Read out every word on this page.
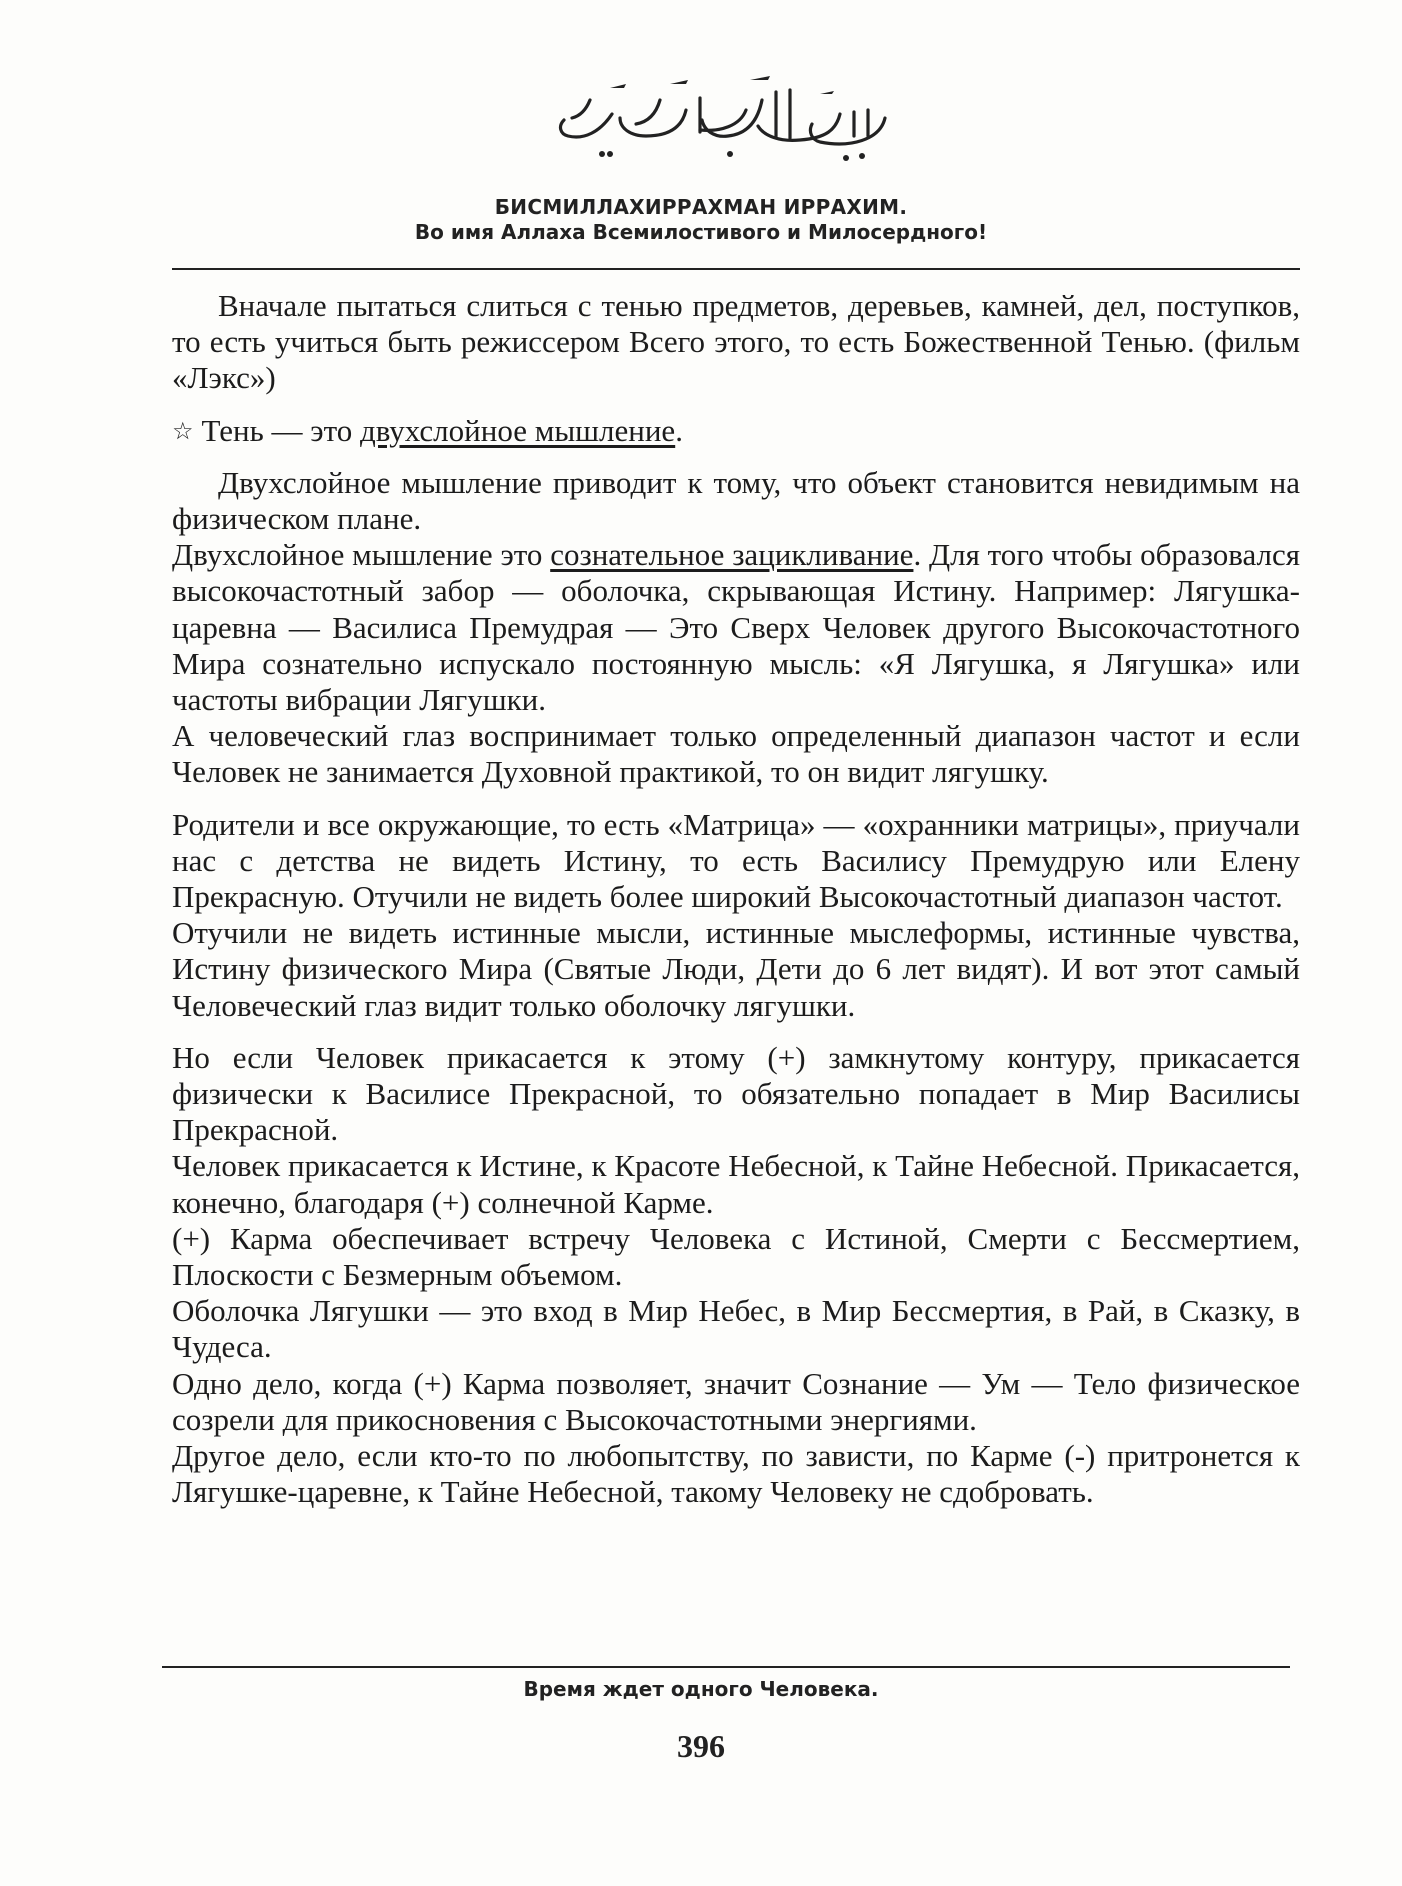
БИСМИЛЛАХИРРАХМАН ИРРАХИМ.
Во имя Аллаха Всемилостивого и Милосердного!

Вначале пытаться слиться с тенью предметов, деревьев, камней, дел, поступков, то есть учиться быть режиссером Всего этого, то есть Божественной Тенью. (фильм «Лэкс»)

☆ Тень — это двухслойное мышление.

Двухслойное мышление приводит к тому, что объект становится невидимым на физическом плане.

Двухслойное мышление это сознательное зацикливание. Для того чтобы образовался высокочастотный забор — оболочка, скрывающая Истину. Например: Лягушка-царевна — Василиса Премудрая — Это Сверх Человек другого Высокочастотного Мира сознательно испускало постоянную мысль: «Я Лягушка, я Лягушка» или частоты вибрации Лягушки.

А человеческий глаз воспринимает только определенный диапазон частот и если Человек не занимается Духовной практикой, то он видит лягушку.

Родители и все окружающие, то есть «Матрица» — «охранники матрицы», приучали нас с детства не видеть Истину, то есть Василису Премудрую или Елену Прекрасную. Отучили не видеть более широкий Высокочастотный диапазон частот.

Отучили не видеть истинные мысли, истинные мыслеформы, истинные чувства, Истину физического Мира (Святые Люди, Дети до 6 лет видят). И вот этот самый Человеческий глаз видит только оболочку лягушки.

Но если Человек прикасается к этому (+) замкнутому контуру, прикасается физически к Василисе Прекрасной, то обязательно попадает в Мир Василисы Прекрасной.

Человек прикасается к Истине, к Красоте Небесной, к Тайне Небесной. Прикасается, конечно, благодаря (+) солнечной Карме.

(+) Карма обеспечивает встречу Человека с Истиной, Смерти с Бессмертием, Плоскости с Безмерным объемом.

Оболочка Лягушки — это вход в Мир Небес, в Мир Бессмертия, в Рай, в Сказку, в Чудеса.

Одно дело, когда (+) Карма позволяет, значит Сознание — Ум — Тело физическое созрели для прикосновения с Высокочастотными энергиями.

Другое дело, если кто-то по любопытству, по зависти, по Карме (-) притронется к Лягушке-царевне, к Тайне Небесной, такому Человеку не сдобровать.

Время ждет одного Человека.
396
